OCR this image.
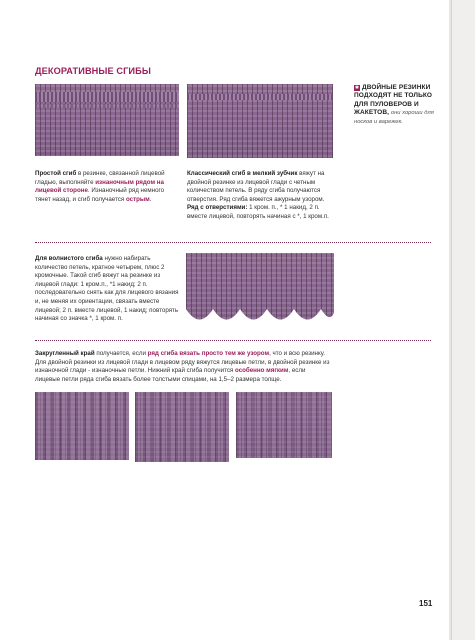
ДЕКОРАТИВНЫЕ СГИБЫ
✱ ДВОЙНЫЕ РЕЗИНКИ ПОДХОДЯТ НЕ ТОЛЬКО ДЛЯ ПУЛОВЕРОВ И ЖАКЕТОВ, они хороши для носков и варежек.
Простой сгиб в резинке, связанной лицевой гладью, выполняйте изнаночным рядом на лицевой стороне. Изнаночный ряд немного тянет назад, и сгиб получается острым.
Классический сгиб в мелкий зубчик вяжут на двойной резинке из лицевой глади с четным количеством петель. В ряду сгиба получаются отверстия. Ряд сгиба вяжется ажурным узором. Ряд с отверстиями: 1 кром. п., * 1 накид, 2 п. вместе лицевой, повторять начиная с *, 1 кром.п.
Для волнистого сгиба нужно набирать количество петель, кратное четырем, плюс 2 кромочные. Такой сгиб вяжут на резинке из лицевой глади: 1 кром.п., *1 накид; 2 п. последовательно снять как для лицевого вязания и, не меняя их ориентации, связать вместе лицевой; 2 п. вместе лицевой, 1 накид; повторять начиная со значка *, 1 кром. п.
Закругленный край получается, если ряд сгиба вязать просто тем же узором, что и всю резинку. Для двойной резинки из лицевой глади в лицевом ряду вяжутся лицевые петли, в двойной резинке из изнаночной глади - изнаночные петли. Нижний край сгиба получится особенно мягким, если лицевые петли ряда сгиба вязать более толстыми спицами, на 1,5–2 размера толще.
151
